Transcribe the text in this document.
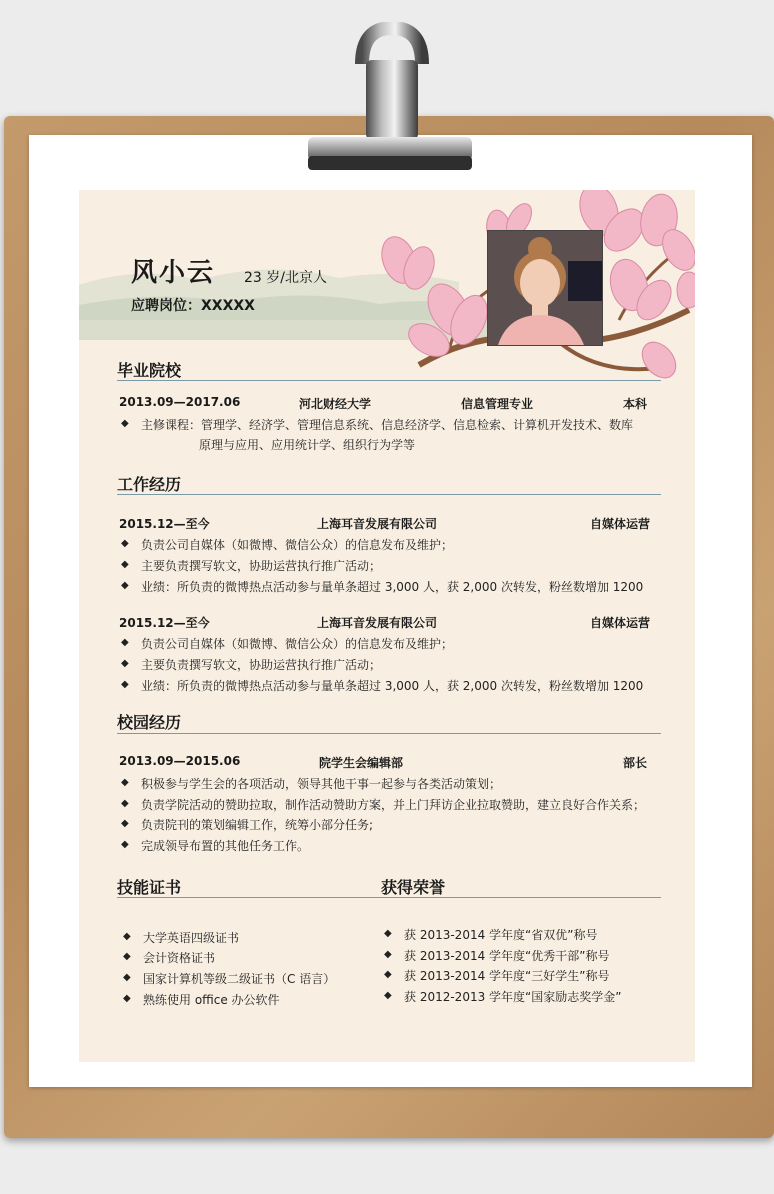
风小云 23 岁/北京人
应聘岗位：XXXXX
毕业院校
2013.09—2017.06	河北财经大学	信息管理专业	本科
◆ 主修课程：管理学、经济学、管理信息系统、信息经济学、信息检索、计算机开发技术、数库
原理与应用、应用统计学、组织行为学等
工作经历
2015.12—至今	上海耳音发展有限公司	自媒体运营
◆ 负责公司自媒体（如微博、微信公众）的信息发布及维护；
◆ 主要负责撰写软文，协助运营执行推广活动；
◆ 业绩：所负责的微博热点活动参与量单条超过 3,000 人，获 2,000 次转发，粉丝数增加 1200
2015.12—至今	上海耳音发展有限公司	自媒体运营
◆ 负责公司自媒体（如微博、微信公众）的信息发布及维护；
◆ 主要负责撰写软文，协助运营执行推广活动；
◆ 业绩：所负责的微博热点活动参与量单条超过 3,000 人，获 2,000 次转发，粉丝数增加 1200
校园经历
2013.09—2015.06	院学生会编辑部	部长
◆ 积极参与学生会的各项活动，领导其他干事一起参与各类活动策划；
◆ 负责学院活动的赞助拉取，制作活动赞助方案，并上门拜访企业拉取赞助，建立良好合作关系；
◆ 负责院刊的策划编辑工作，统筹小部分任务;
◆ 完成领导布置的其他任务工作。
技能证书	获得荣誉
◆ 大学英语四级证书
◆ 会计资格证书
◆ 国家计算机等级二级证书（C 语言）
◆ 熟练使用 office 办公软件
◆ 获 2013-2014 学年度“省双优”称号
◆ 获 2013-2014 学年度“优秀干部”称号
◆ 获 2013-2014 学年度“三好学生”称号
◆ 获 2012-2013 学年度“国家励志奖学金”
